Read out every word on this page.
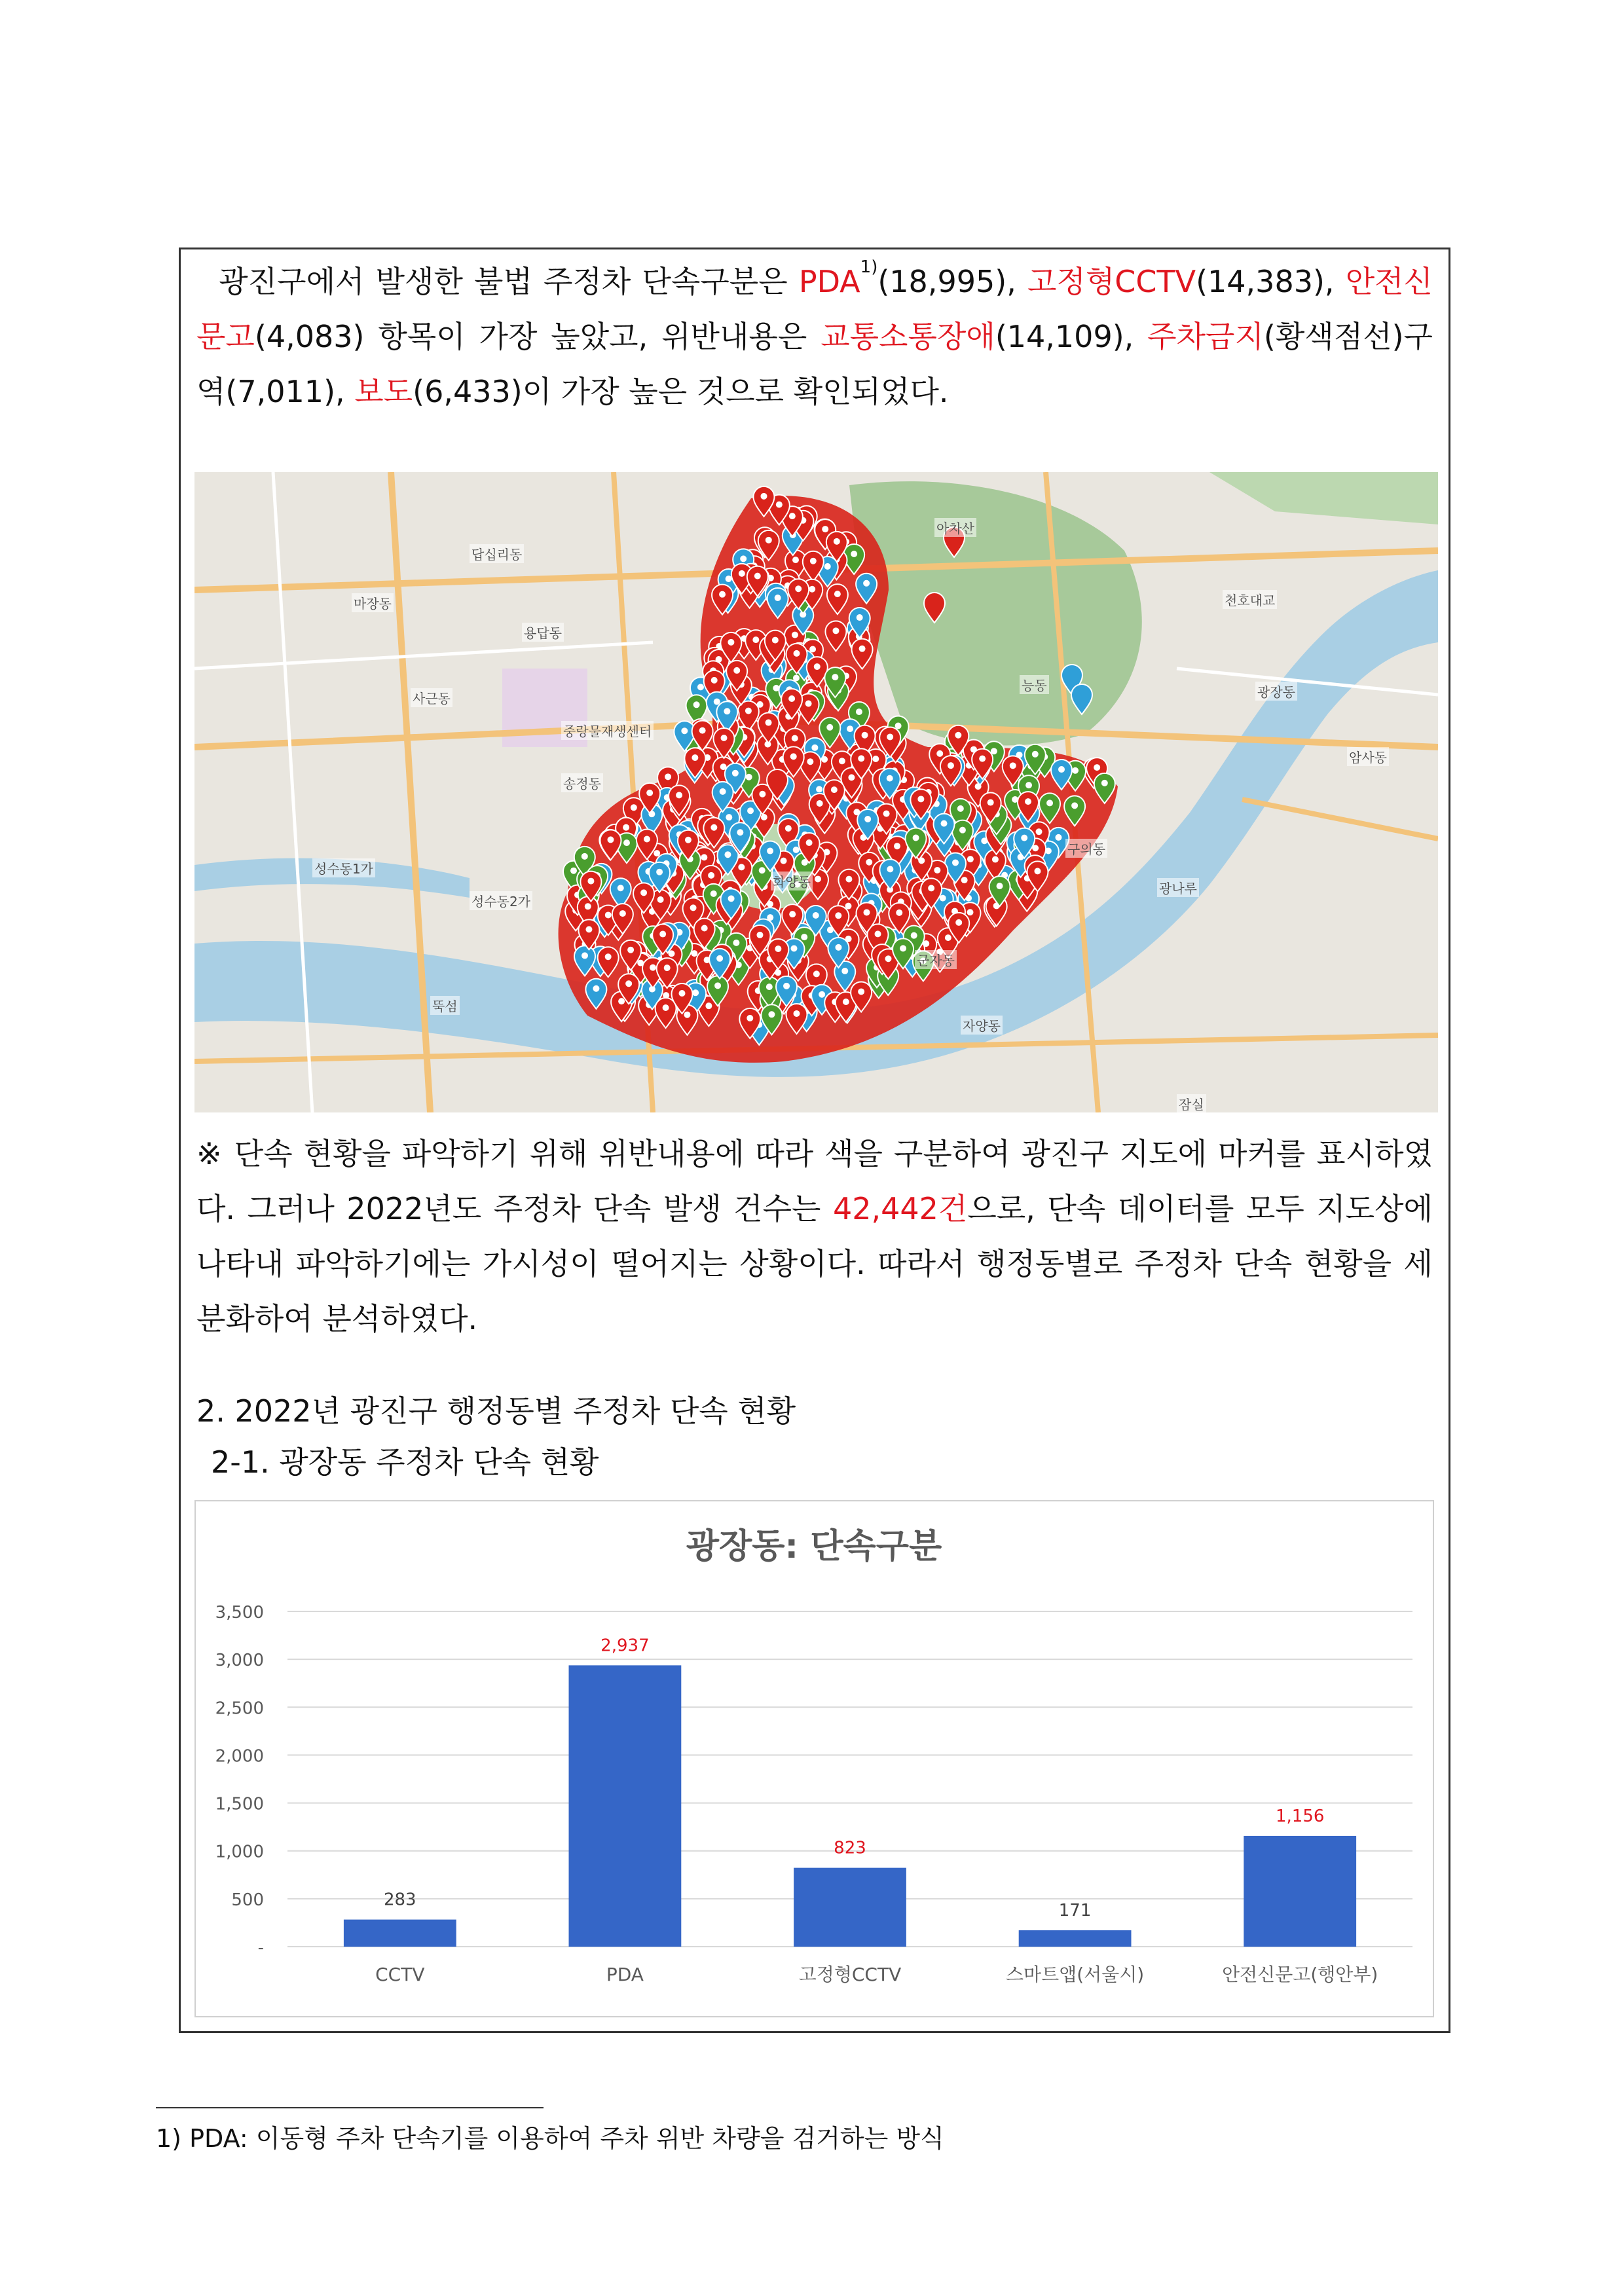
광진구에서 발생한 불법 주정차 단속구분은 PDA$^{1)}$(18,995), 고정형CCTV(14,383), 안전신문고(4,083) 항목이 가장 높았고, 위반내용은 교통소통장애(14,109), 주차금지(황색점선)구역(7,011), 보도(6,433)이 가장 높은 것으로 확인되었다.
답십리동
마장동
용답동
사근동
성수동1가
성수동2가
송정동
화양동
군자동
능동
구의동
광장동
자양동
천호대교
뚝섬
중랑물재생센터
광나루
암사동
잠실
아차산
※ 단속 현황을 파악하기 위해 위반내용에 따라 색을 구분하여 광진구 지도에 마커를 표시하였다. 그러나 2022년도 주정차 단속 발생 건수는 42,442건으로, 단속 데이터를 모두 지도상에 나타내 파악하기에는 가시성이 떨어지는 상황이다. 따라서 행정동별로 주정차 단속 현황을 세분화하여 분석하였다.
2. 2022년 광진구 행정동별 주정차 단속 현황
2-1. 광장동 주정차 단속 현황
광장동: 단속구분
-
500
1,000
1,500
2,000
2,500
3,000
3,500
283
2,937
823
171
1,156
CCTV	PDA	고정형CCTV	스마트앱(서울시)	안전신문고(행안부)
1) PDA: 이동형 주차 단속기를 이용하여 주차 위반 차량을 검거하는 방식
